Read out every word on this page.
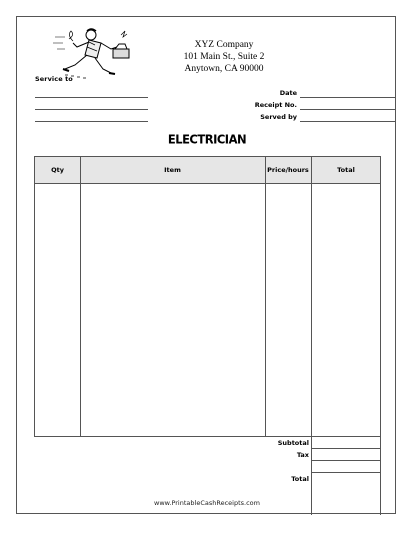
XYZ Company
101 Main St., Suite 2
Anytown, CA 90000
Service to
Date
Receipt No.
Served by
ELECTRICIAN
Qty	Item	Price/hours	Total
Subtotal
Tax
Total
www.PrintableCashReceipts.com
